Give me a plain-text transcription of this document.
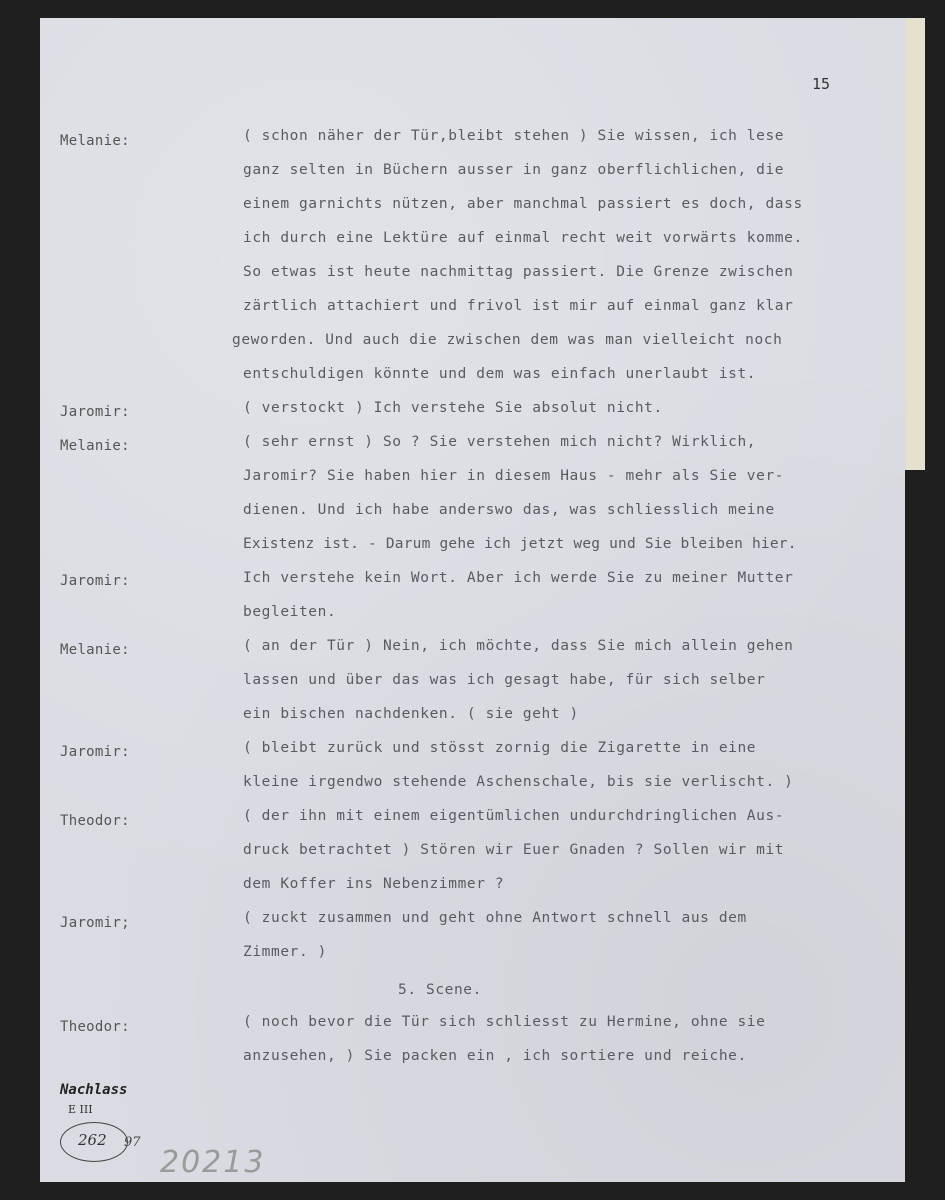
15
Melanie:
Jaromir:
Melanie:
Jaromir:
Melanie:
Jaromir:
Theodor:
Jaromir;
Theodor:
( schon näher der Tür,bleibt stehen ) Sie wissen, ich lese
ganz selten in Büchern ausser in ganz oberflichlichen, die
einem garnichts nützen, aber manchmal passiert es doch, dass
ich durch eine Lektüre auf einmal recht weit vorwärts komme.
So etwas ist heute nachmittag passiert. Die Grenze zwischen
zärtlich attachiert und frivol ist mir auf einmal ganz klar
geworden. Und auch die zwischen dem was man vielleicht noch
entschuldigen könnte und dem was einfach unerlaubt ist.
( verstockt ) Ich verstehe Sie absolut nicht.
( sehr ernst ) So ? Sie verstehen mich nicht? Wirklich,
Jaromir? Sie haben hier in diesem Haus - mehr als Sie ver-
dienen. Und ich habe anderswo das, was schliesslich meine
Existenz ist. - Darum gehe ich jetzt weg und Sie bleiben hier.
Ich verstehe kein Wort. Aber ich werde Sie zu meiner Mutter
begleiten.
( an der Tür ) Nein, ich möchte, dass Sie mich allein gehen
lassen und über das was ich gesagt habe, für sich selber
ein bischen nachdenken. ( sie geht )
( bleibt zurück und stösst zornig die Zigarette in eine
kleine irgendwo stehende Aschenschale, bis sie verlischt. )
( der ihn mit einem eigentümlichen undurchdringlichen Aus-
druck betrachtet ) Stören wir Euer Gnaden ? Sollen wir mit
dem Koffer ins Nebenzimmer ?
( zuckt zusammen und geht ohne Antwort schnell aus dem
Zimmer. )
5. Scene.
( noch bevor die Tür sich schliesst zu Hermine, ohne sie
anzusehen, ) Sie packen ein , ich sortiere und reiche.
Nachlass
E III
262 97
20213
